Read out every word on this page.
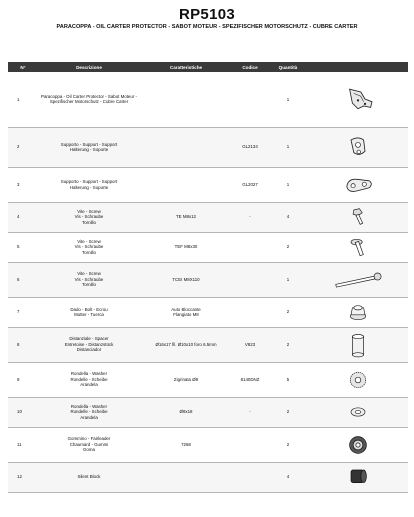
RP5103
PARACOPPA - OIL CARTER PROTECTOR - SABOT MOTEUR - SPEZIFISCHER MOTORSCHUTZ - CUBRE CARTER
N°	Descrizione	Caratteristiche	Codice	Quantità	
1	Paracoppa - Oil Carter Protector - Sabot Moteur -
Spezifischer Motorschutz - Cubre Carter			1	

2	Supporto - Support - Support
Halterung - Soporte		GL2134	1	

3	Supporto - Support - Support
Halterung - Soporte		GL2027	1	

4	Vite - Screw
Vis - Schraube
Tornillo	TE M8x12	-	4	

5	Vite - Screw
Vis - Schraube
Tornillo	TEF M8x30		2	

6	Vite - Screw
Vis - Schraube
Tornillo	TCEI M8X110		1	

7	Dado - Bolt - Ecrou
Mutter - Tuerca	Auto Bloccante
Flangiato M8		2	

8	Distanziale - Spacer
Entretoise - Distanzstück
Distanciador	Ø16x17 fil. Ø10x10 foro 6.5mm	V823	2	

9	Rondella - Washer
Rondelle - Scheibe
Arandela	Zigrinata Ø8	8140DNZ	5	

10	Rondella - Washer
Rondelle - Scheibe
Arandela	Ø8x18	-	2	

11	Gommino - Fairleader
Chaumard - Gummi
Goma	7268		2	

12	Silent Block			4	
